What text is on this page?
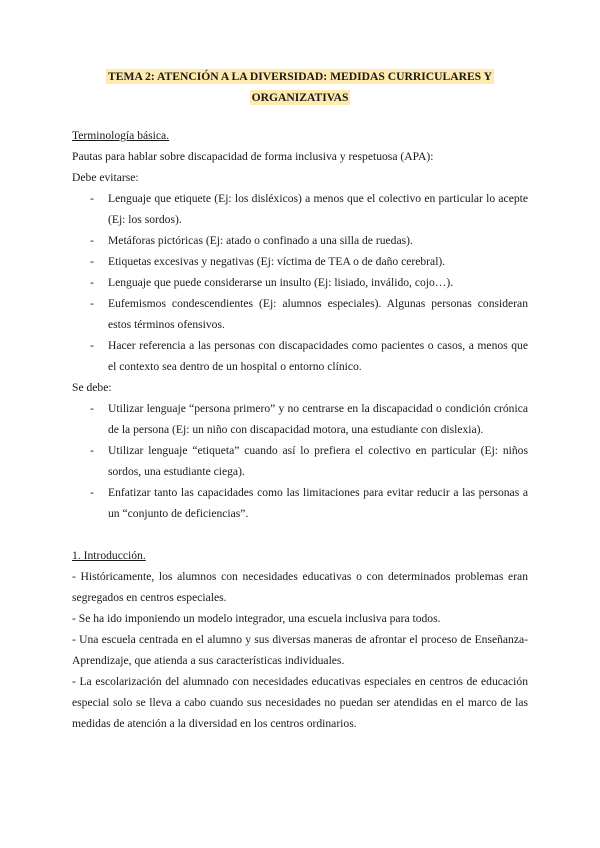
TEMA 2: ATENCIÓN A LA DIVERSIDAD: MEDIDAS CURRICULARES Y
ORGANIZATIVAS

Terminología básica.

Pautas para hablar sobre discapacidad de forma inclusiva y respetuosa (APA):

Debe evitarse:

- Lenguaje que etiquete (Ej: los disléxicos) a menos que el colectivo en particular lo acepte (Ej: los sordos).
- Metáforas pictóricas (Ej: atado o confinado a una silla de ruedas).
- Etiquetas excesivas y negativas (Ej: víctima de TEA o de daño cerebral).
- Lenguaje que puede considerarse un insulto (Ej: lisiado, inválido, cojo…).
- Eufemismos condescendientes (Ej: alumnos especiales). Algunas personas consideran estos términos ofensivos.
- Hacer referencia a las personas con discapacidades como pacientes o casos, a menos que el contexto sea dentro de un hospital o entorno clínico.

Se debe:

- Utilizar lenguaje “persona primero” y no centrarse en la discapacidad o condición crónica de la persona (Ej: un niño con discapacidad motora, una estudiante con dislexia).
- Utilizar lenguaje “etiqueta” cuando así lo prefiera el colectivo en particular (Ej: niños sordos, una estudiante ciega).
- Enfatizar tanto las capacidades como las limitaciones para evitar reducir a las personas a un “conjunto de deficiencias”.

1. Introducción.

- Históricamente, los alumnos con necesidades educativas o con determinados problemas eran segregados en centros especiales.

- Se ha ido imponiendo un modelo integrador, una escuela inclusiva para todos.

- Una escuela centrada en el alumno y sus diversas maneras de afrontar el proceso de Enseñanza-Aprendizaje, que atienda a sus características individuales.

- La escolarización del alumnado con necesidades educativas especiales en centros de educación especial solo se lleva a cabo cuando sus necesidades no puedan ser atendidas en el marco de las medidas de atención a la diversidad en los centros ordinarios.
